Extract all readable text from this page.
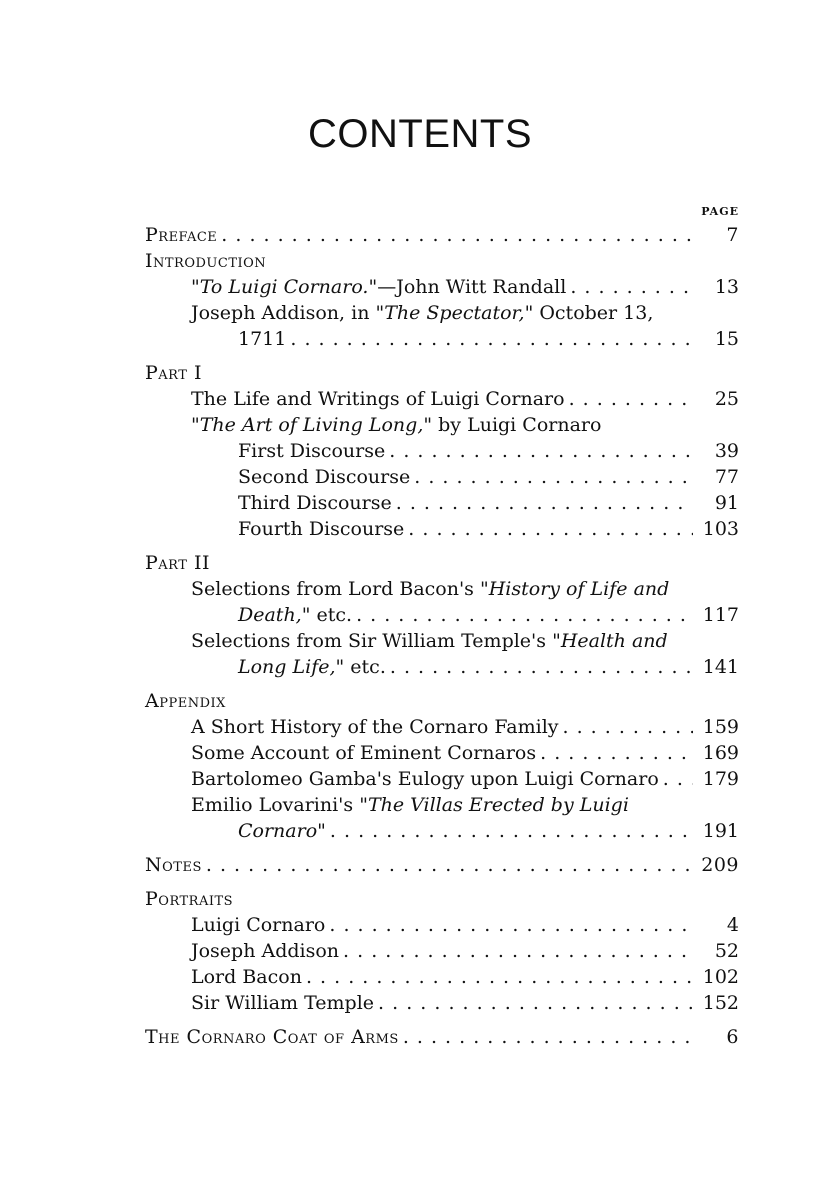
CONTENTS
PAGE
Preface . . .	7
Introduction
"To Luigi Cornaro."—John Witt Randall . . .	13
Joseph Addison, in "The Spectator," October 13,
1711 . . .	15
Part I
The Life and Writings of Luigi Cornaro . . .	25
"The Art of Living Long," by Luigi Cornaro
First Discourse . . .	39
Second Discourse . . .	77
Third Discourse . . .	91
Fourth Discourse . . .	103
Part II
Selections from Lord Bacon's "History of Life and
Death," etc. . . .	117
Selections from Sir William Temple's "Health and
Long Life," etc. . . .	141
Appendix
A Short History of the Cornaro Family . . .	159
Some Account of Eminent Cornaros . . .	169
Bartolomeo Gamba's Eulogy upon Luigi Cornaro . . .	179
Emilio Lovarini's "The Villas Erected by Luigi
Cornaro" . . .	191
Notes . . .	209
Portraits
Luigi Cornaro . . .	4
Joseph Addison . . .	52
Lord Bacon . . .	102
Sir William Temple . . .	152
The Cornaro Coat of Arms . . .	6
